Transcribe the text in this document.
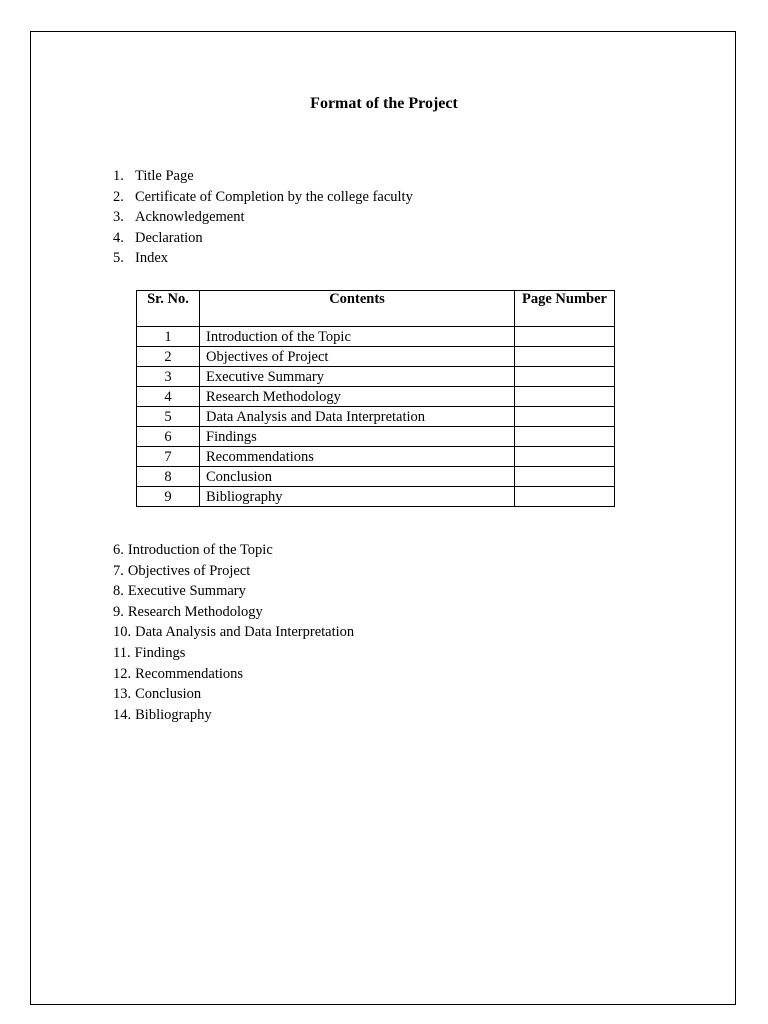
Format of the Project
1. Title Page
2. Certificate of Completion by the college faculty
3. Acknowledgement
4. Declaration
5. Index
Sr. No.	Contents	Page Number
1	Introduction of the Topic	
2	Objectives of Project	
3	Executive Summary	
4	Research Methodology	
5	Data Analysis and Data Interpretation	
6	Findings	
7	Recommendations	
8	Conclusion	
9	Bibliography	
6. Introduction of the Topic
7. Objectives of Project
8. Executive Summary
9. Research Methodology
10. Data Analysis and Data Interpretation
11. Findings
12. Recommendations
13. Conclusion
14. Bibliography
